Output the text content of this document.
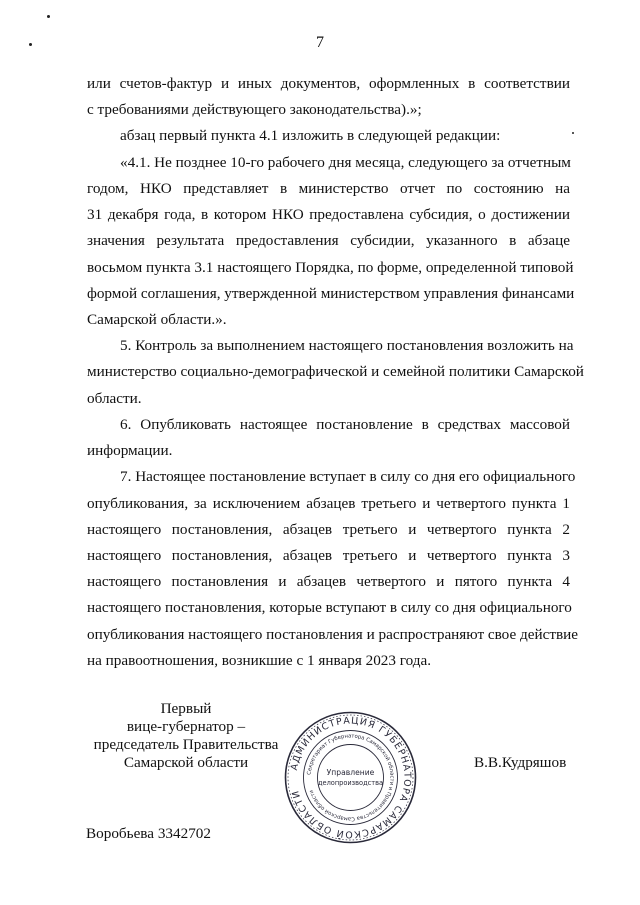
7
или счетов-фактур и иных документов, оформленных в соответствии
с требованиями действующего законодательства).»;
абзац первый пункта 4.1 изложить в следующей редакции:
«4.1. Не позднее 10-го рабочего дня месяца, следующего за отчетным
годом, НКО представляет в министерство отчет по состоянию на
31 декабря года, в котором НКО предоставлена субсидия, о достижении
значения результата предоставления субсидии, указанного в абзаце
восьмом пункта 3.1 настоящего Порядка, по форме, определенной типовой
формой соглашения, утвержденной министерством управления финансами
Самарской области.».
5. Контроль за выполнением настоящего постановления возложить на
министерство социально-демографической и семейной политики Самарской
области.
6. Опубликовать настоящее постановление в средствах массовой
информации.
7. Настоящее постановление вступает в силу со дня его официального
опубликования, за исключением абзацев третьего и четвертого пункта 1
настоящего постановления, абзацев третьего и четвертого пункта 2
настоящего постановления, абзацев третьего и четвертого пункта 3
настоящего постановления и абзацев четвертого и пятого пункта 4
настоящего постановления, которые вступают в силу со дня официального
опубликования настоящего постановления и распространяют свое действие
на правоотношения, возникшие с 1 января 2023 года.
Первый
вице-губернатор –
председатель Правительства
Самарской области	АДМИНИСТРАЦИЯ ГУБЕРНАТОРА САМАРСКОЙ ОБЛАСТИ
Секретариат Губернатора Самарской области и Правительства Самарской области
Управление
делопроизводства
В.В.Кудряшов
Воробьева 3342702
